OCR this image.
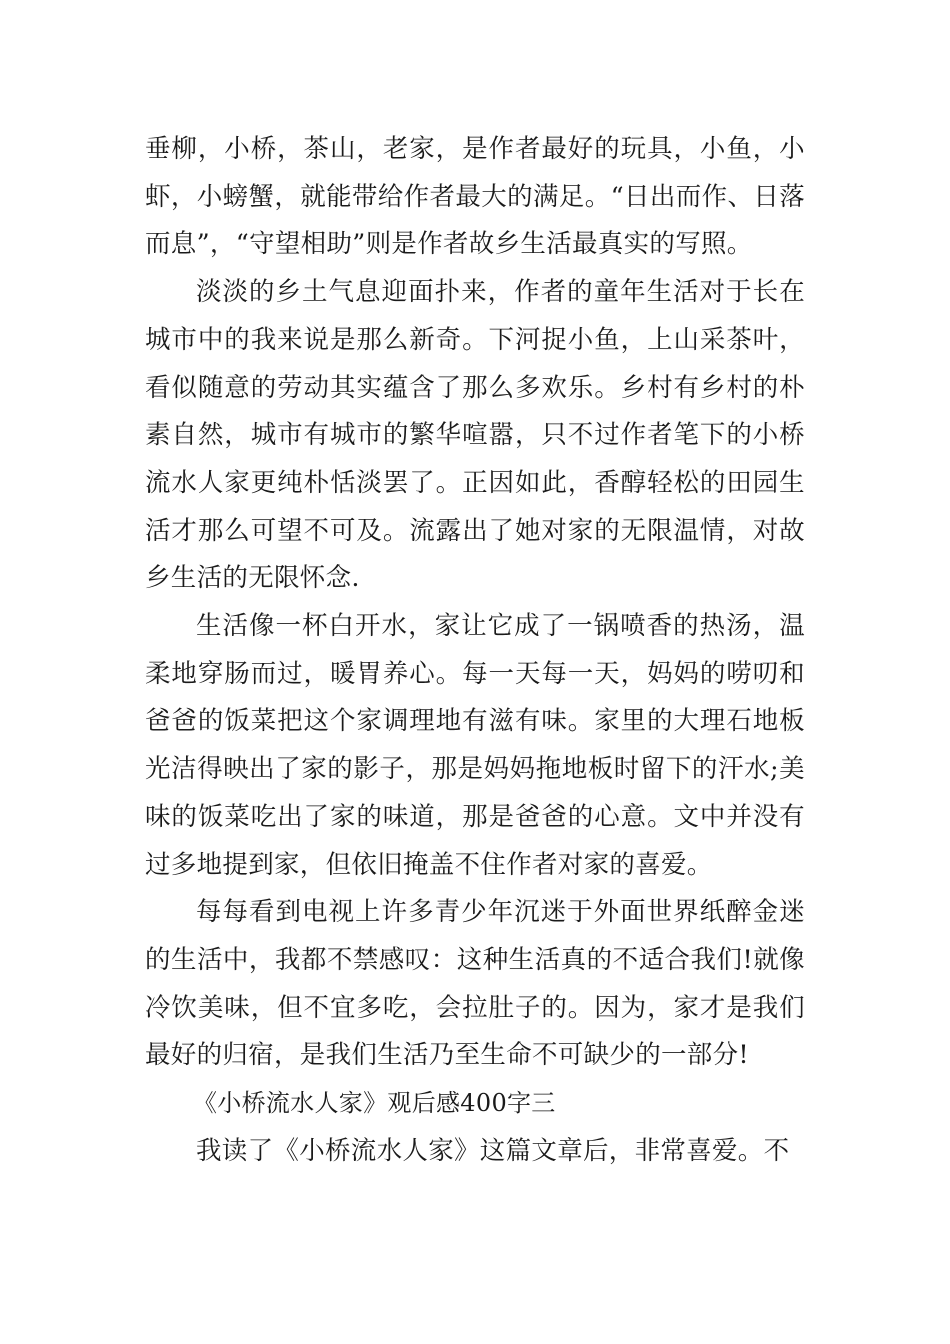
垂柳，小桥，茶山，老家，是作者最好的玩具，小鱼，小虾，小螃蟹，就能带给作者最大的满足。“日出而作、日落而息”，“守望相助”则是作者故乡生活最真实的写照。

淡淡的乡土气息迎面扑来，作者的童年生活对于长在城市中的我来说是那么新奇。下河捉小鱼，上山采茶叶，看似随意的劳动其实蕴含了那么多欢乐。乡村有乡村的朴素自然，城市有城市的繁华喧嚣，只不过作者笔下的小桥流水人家更纯朴恬淡罢了。正因如此，香醇轻松的田园生活才那么可望不可及。流露出了她对家的无限温情，对故乡生活的无限怀念.

生活像一杯白开水，家让它成了一锅喷香的热汤，温柔地穿肠而过，暖胃养心。每一天每一天，妈妈的唠叨和爸爸的饭菜把这个家调理地有滋有味。家里的大理石地板光洁得映出了家的影子，那是妈妈拖地板时留下的汗水;美味的饭菜吃出了家的味道，那是爸爸的心意。文中并没有过多地提到家，但依旧掩盖不住作者对家的喜爱。

每每看到电视上许多青少年沉迷于外面世界纸醉金迷的生活中，我都不禁感叹：这种生活真的不适合我们!就像冷饮美味，但不宜多吃，会拉肚子的。因为，家才是我们最好的归宿，是我们生活乃至生命不可缺少的一部分!

《小桥流水人家》观后感400字三

我读了《小桥流水人家》这篇文章后，非常喜爱。不
